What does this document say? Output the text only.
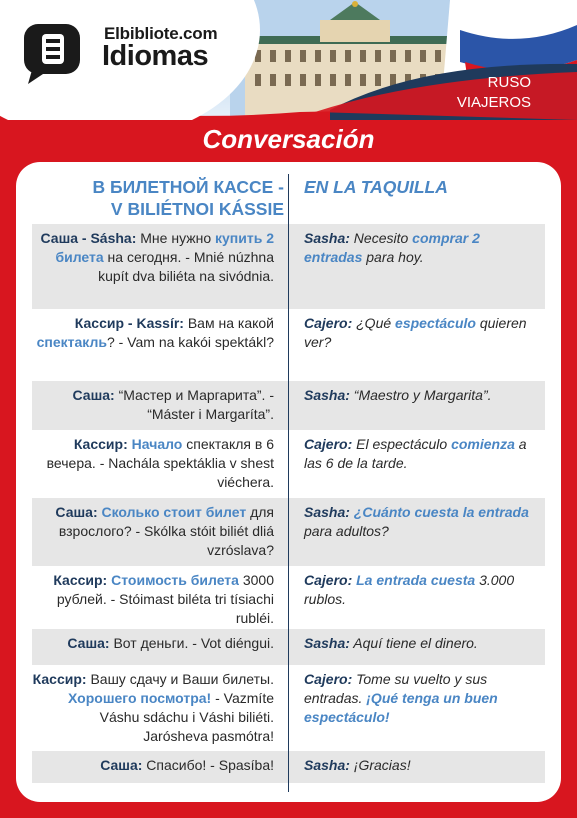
Elbibliote.com
Idiomas
RUSO
VIAJEROS
Conversación
В БИЛЕТНОЙ КАССЕ -
V BILIÉTNOI KÁSSIE
EN LA TAQUILLA
Саша - Sásha: Мне нужно купить 2 билета на сегодня. - Mnié núzhna kupít dva biliéta na sivódnia.
Sasha: Necesito comprar 2 entradas para hoy.
Кассир - Kassír: Вам на какой спектакль? - Vam na kakói spektákl?
Cajero: ¿Qué espectáculo quieren ver?
Саша: “Мастер и Маргарита”. - “Máster i Margaríta”.
Sasha: “Maestro y Margarita”.
Кассир: Начало спектакля в 6 вечера. - Nachála spektáklia v shest viéchera.
Cajero: El espectáculo comienza a las 6 de la tarde.
Саша: Сколько стоит билет для взрослого? - Skólka stóit biliét dliá vzróslava?
Sasha: ¿Cuánto cuesta la entrada para adultos?
Кассир: Стоимость билета 3000 рублей. - Stóimast biléta tri tísiachi rubléi.
Cajero: La entrada cuesta 3.000 rublos.
Саша: Вот деньги. - Vot diéngui. Sasha: Aquí tiene el dinero.
Кассир: Вашу сдачу и Ваши билеты. Хорошего посмотра! - Vazmíte Váshu sdáchu i Váshi biliéti. Jarósheva pasmótra!
Cajero: Tome su vuelto y sus entradas. ¡Qué tenga un buen espectáculo!
Саша: Спасибо! - Spasíba! Sasha: ¡Gracias!
